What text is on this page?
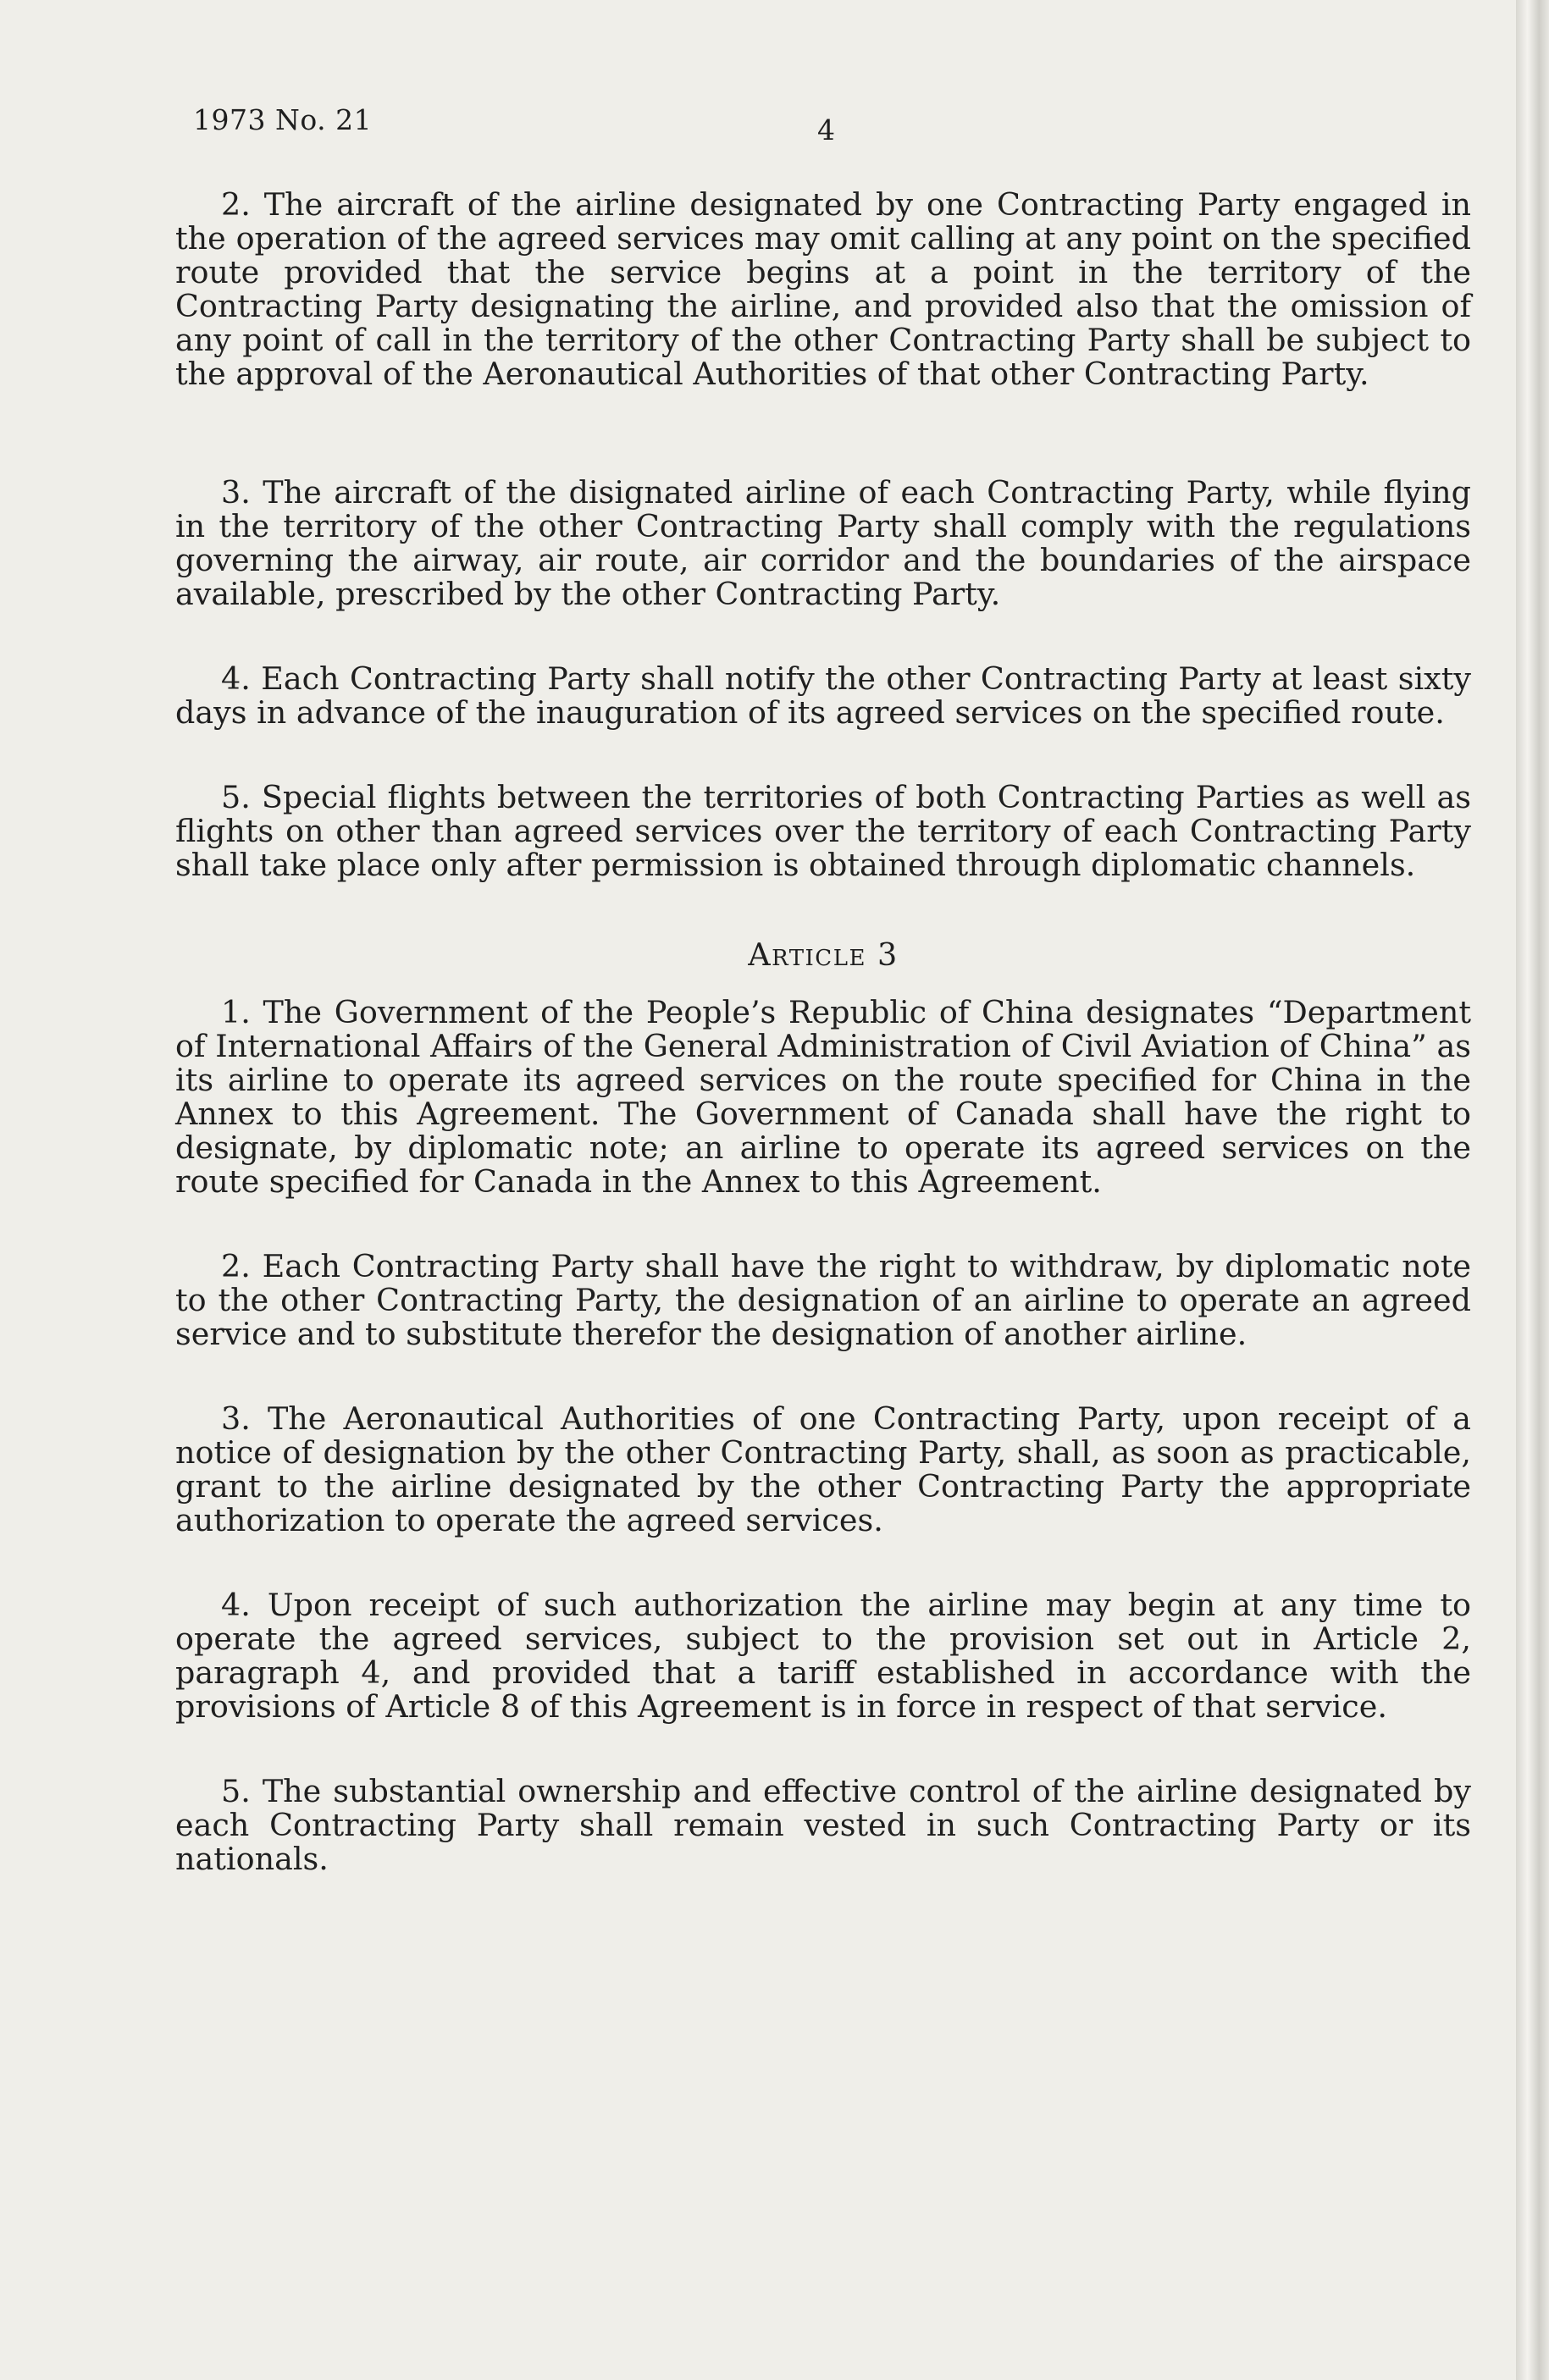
1973 No. 21	4

2. The aircraft of the airline designated by one Contracting Party engaged in the operation of the agreed services may omit calling at any point on the specified route provided that the service begins at a point in the territory of the Contracting Party designating the airline, and provided also that the omission of any point of call in the territory of the other Contracting Party shall be subject to the approval of the Aeronautical Authorities of that other Contracting Party.

3. The aircraft of the disignated airline of each Contracting Party, while flying in the territory of the other Contracting Party shall comply with the regulations governing the airway, air route, air corridor and the boundaries of the airspace available, prescribed by the other Contracting Party.

4. Each Contracting Party shall notify the other Contracting Party at least sixty days in advance of the inauguration of its agreed services on the specified route.

5. Special flights between the territories of both Contracting Parties as well as flights on other than agreed services over the territory of each Contracting Party shall take place only after permission is obtained through diplomatic channels.

Article 3

1. The Government of the People’s Republic of China designates “Department of International Affairs of the General Administration of Civil Aviation of China” as its airline to operate its agreed services on the route specified for China in the Annex to this Agreement. The Government of Canada shall have the right to designate, by diplomatic note; an airline to operate its agreed services on the route specified for Canada in the Annex to this Agreement.

2. Each Contracting Party shall have the right to withdraw, by diplomatic note to the other Contracting Party, the designation of an airline to operate an agreed service and to substitute therefor the designation of another airline.

3. The Aeronautical Authorities of one Contracting Party, upon receipt of a notice of designation by the other Contracting Party, shall, as soon as practicable, grant to the airline designated by the other Contracting Party the appropriate authorization to operate the agreed services.

4. Upon receipt of such authorization the airline may begin at any time to operate the agreed services, subject to the provision set out in Article 2, paragraph 4, and provided that a tariff established in accordance with the provisions of Article 8 of this Agreement is in force in respect of that service.

5. The substantial ownership and effective control of the airline designated by each Contracting Party shall remain vested in such Contracting Party or its nationals.
